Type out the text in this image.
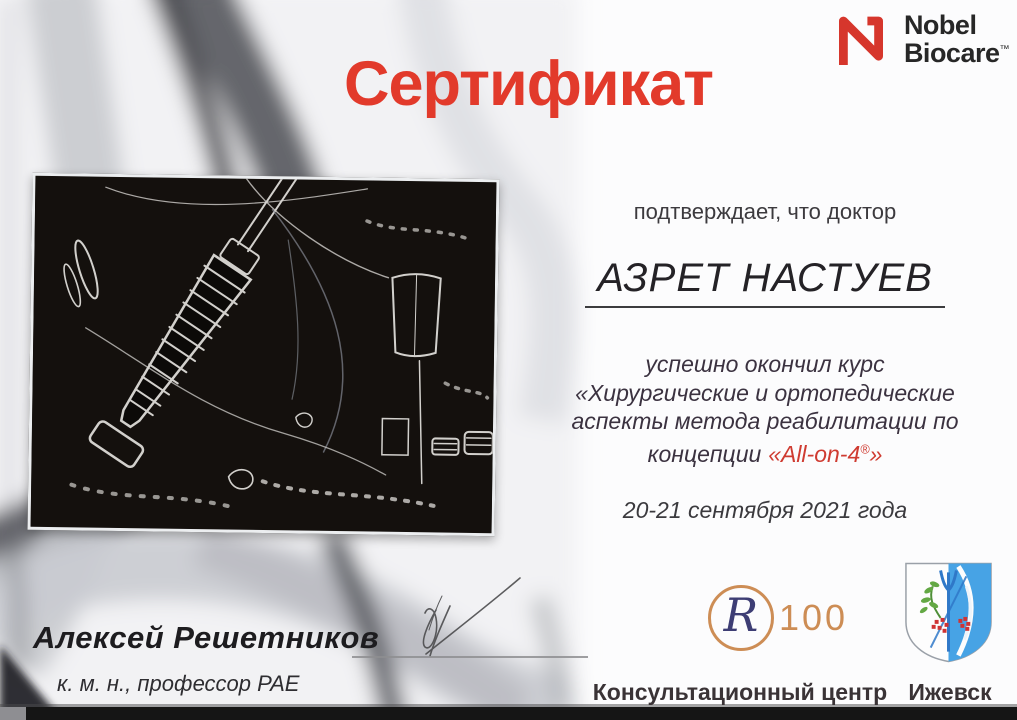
Nobel
Biocare™
Сертификат
подтверждает, что доктор
АЗРЕТ НАСТУЕВ
успешно окончил курс
«Хирургические и ортопедические
аспекты метода реабилитации по
концепции «All-on-4®»
20-21 сентября 2021 года
Алексей Решетников
к. м. н., профессор РАЕ
R 100
Консультационный центр Ижевск
